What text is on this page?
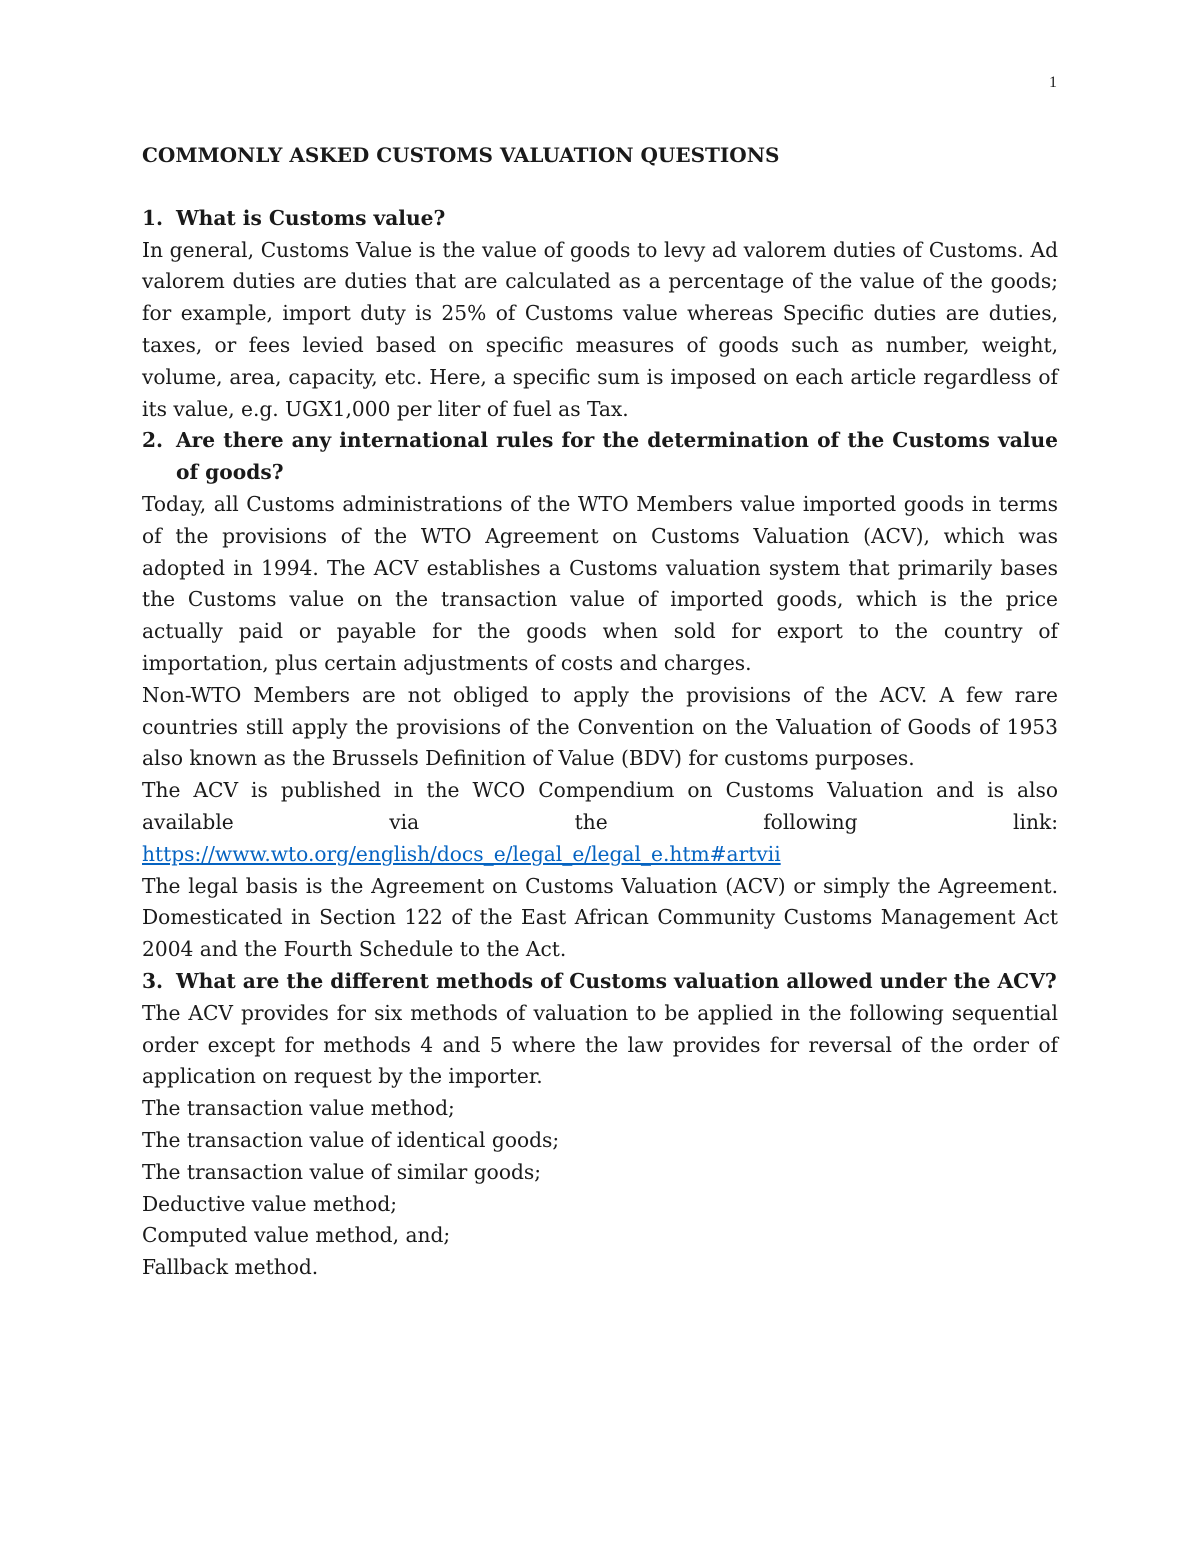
1
COMMONLY ASKED CUSTOMS VALUATION QUESTIONS
1. What is Customs value?

In general, Customs Value is the value of goods to levy ad valorem duties of Customs. Ad valorem duties are duties that are calculated as a percentage of the value of the goods; for example, import duty is 25% of Customs value whereas Specific duties are duties, taxes, or fees levied based on specific measures of goods such as number, weight, volume, area, capacity, etc. Here, a specific sum is imposed on each article regardless of its value, e.g. UGX1,000 per liter of fuel as Tax.

2. Are there any international rules for the determination of the Customs value of goods?

Today, all Customs administrations of the WTO Members value imported goods in terms of the provisions of the WTO Agreement on Customs Valuation (ACV), which was adopted in 1994. The ACV establishes a Customs valuation system that primarily bases the Customs value on the transaction value of imported goods, which is the price actually paid or payable for the goods when sold for export to the country of importation, plus certain adjustments of costs and charges.

Non-WTO Members are not obliged to apply the provisions of the ACV. A few rare countries still apply the provisions of the Convention on the Valuation of Goods of 1953 also known as the Brussels Definition of Value (BDV) for customs purposes.

The ACV is published in the WCO Compendium on Customs Valuation and is also available via the following link:

https://www.wto.org/english/docs_e/legal_e/legal_e.htm#artvii

The legal basis is the Agreement on Customs Valuation (ACV) or simply the Agreement. Domesticated in Section 122 of the East African Community Customs Management Act 2004 and the Fourth Schedule to the Act.

3. What are the different methods of Customs valuation allowed under the ACV?

The ACV provides for six methods of valuation to be applied in the following sequential order except for methods 4 and 5 where the law provides for reversal of the order of application on request by the importer.

The transaction value method;
The transaction value of identical goods;
The transaction value of similar goods;
Deductive value method;
Computed value method, and;
Fallback method.
